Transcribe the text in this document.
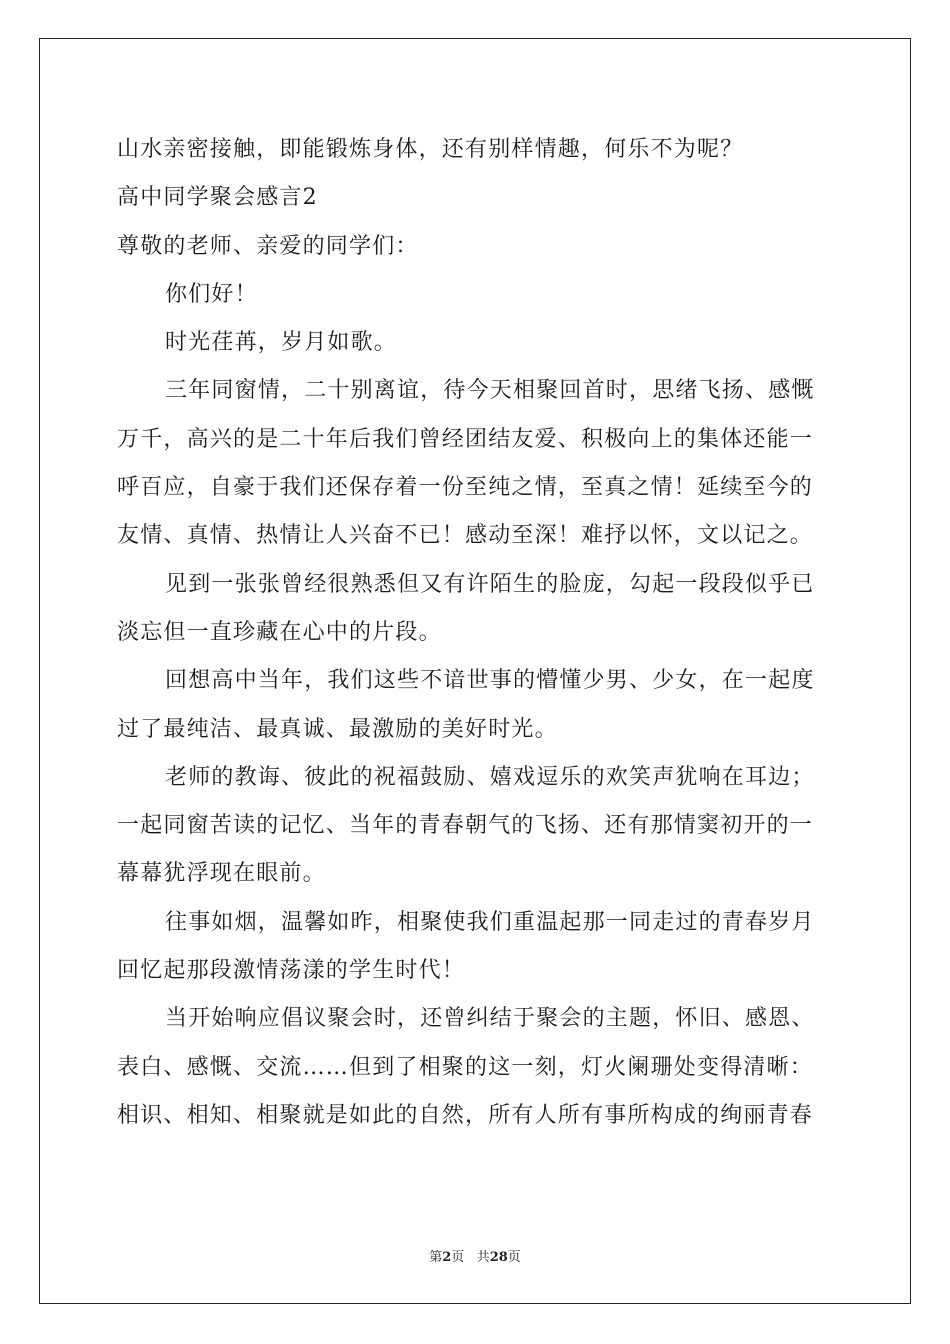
山水亲密接触，即能锻炼身体，还有别样情趣，何乐不为呢？
高中同学聚会感言2
尊敬的老师、亲爱的同学们：
你们好！
时光荏苒，岁月如歌。
三年同窗情，二十别离谊，待今天相聚回首时，思绪飞扬、感慨
万千，高兴的是二十年后我们曾经团结友爱、积极向上的集体还能一
呼百应，自豪于我们还保存着一份至纯之情，至真之情！延续至今的
友情、真情、热情让人兴奋不已！感动至深！难抒以怀，文以记之。
见到一张张曾经很熟悉但又有许陌生的脸庞，勾起一段段似乎已
淡忘但一直珍藏在心中的片段。
回想高中当年，我们这些不谙世事的懵懂少男、少女，在一起度
过了最纯洁、最真诚、最激励的美好时光。
老师的教诲、彼此的祝福鼓励、嬉戏逗乐的欢笑声犹响在耳边；
一起同窗苦读的记忆、当年的青春朝气的飞扬、还有那情窦初开的一
幕幕犹浮现在眼前。
往事如烟，温馨如昨，相聚使我们重温起那一同走过的青春岁月
回忆起那段激情荡漾的学生时代！
当开始响应倡议聚会时，还曾纠结于聚会的主题，怀旧、感恩、
表白、感慨、交流……但到了相聚的这一刻，灯火阑珊处变得清晰：
相识、相知、相聚就是如此的自然，所有人所有事所构成的绚丽青春
第2页 共28页
